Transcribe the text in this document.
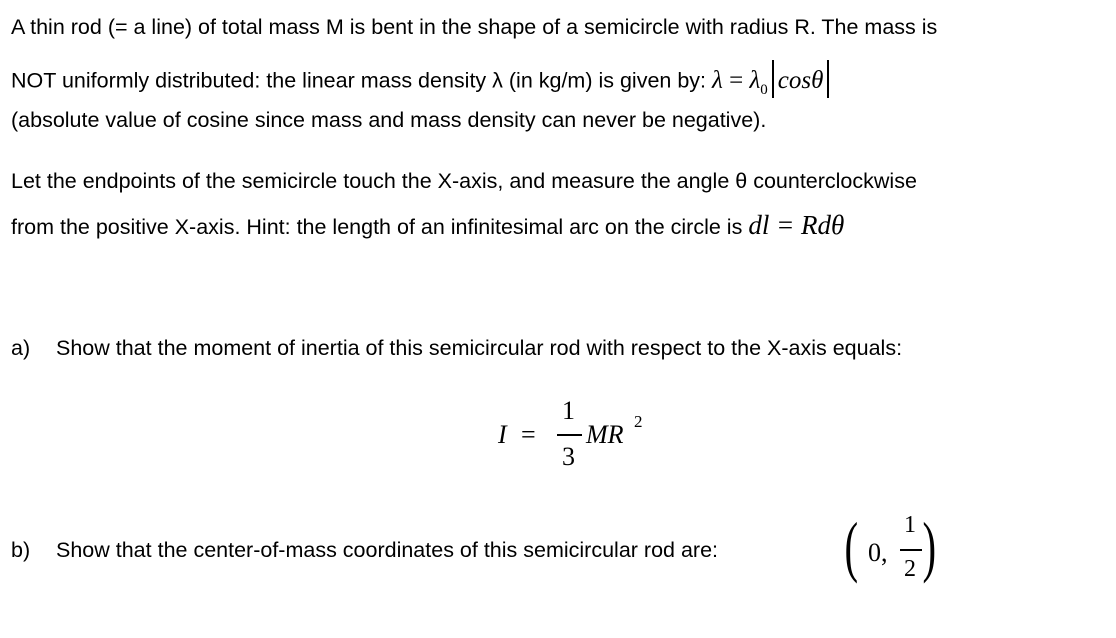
A thin rod (= a line) of total mass M is bent in the shape of a semicircle with radius R. The mass is
NOT uniformly distributed: the linear mass density λ (in kg/m) is given by: $\lambda = \lambda_0$ cosθ
(absolute value of cosine since mass and mass density can never be negative).
Let the endpoints of the semicircle touch the X-axis, and measure the angle θ counterclockwise
from the positive X-axis. Hint: the length of an infinitesimal arc on the circle is dl = Rdθ
a) Show that the moment of inertia of this semicircular rod with respect to the X-axis equals:
I =
1
3
MR 2
b) Show that the center-of-mass coordinates of this semicircular rod are: ( 0,
1
2 )
